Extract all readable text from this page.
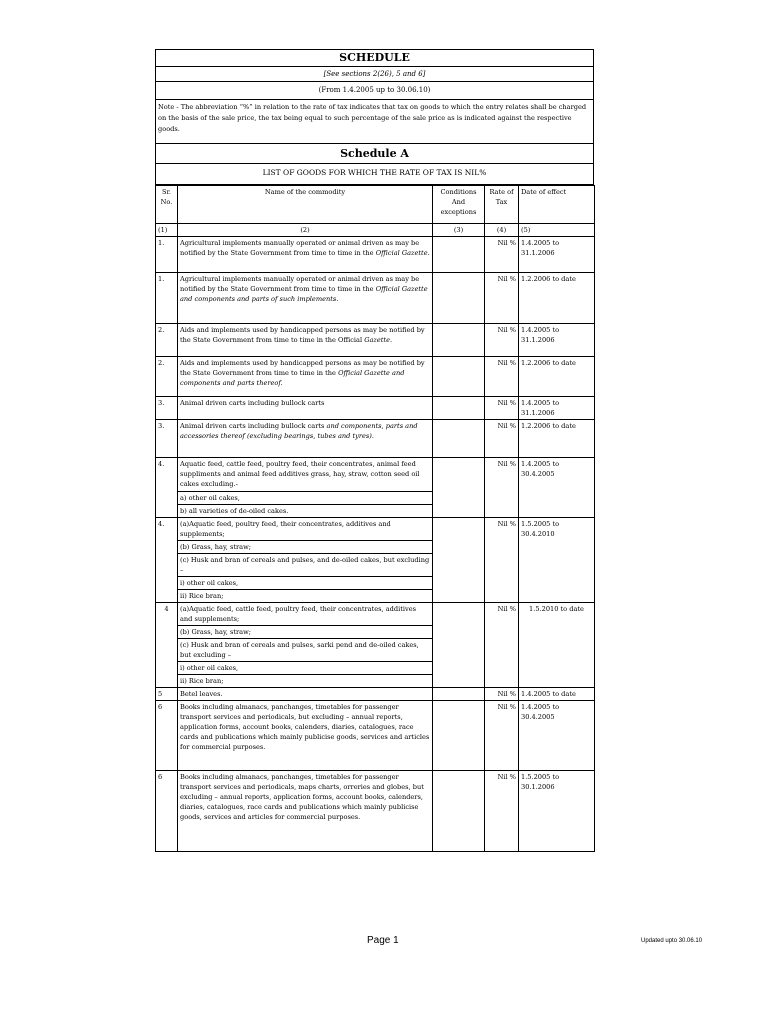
SCHEDULE
[See sections 2(26), 5 and 6]
(From 1.4.2005 up to 30.06.10)
Note - The abbreviation “%” in relation to the rate of tax indicates that tax on goods to which the entry relates shall be charged on the basis of the sale price, the tax being equal to such percentage of the sale price as is indicated against the respective goods.
Schedule A
LIST OF GOODS FOR WHICH THE RATE OF TAX IS NIL%
Sr. No.	Name of the commodity	Conditions And exceptions	Rate of Tax	Date of effect
(1)	(2)	(3)	(4)	(5)
1.	Agricultural implements manually operated or animal driven as may be notified by the State Government from time to time in the Official Gazette.		Nil %	1.4.2005 to 31.1.2006
1.	Agricultural implements manually operated or animal driven as may be notified by the State Government from time to time in the Official Gazette and components and parts of such implements.		Nil %	1.2.2006 to date
2.	Aids and implements used by handicapped persons as may be notified by the State Government from time to time in the Official Gazette.		Nil %	1.4.2005 to 31.1.2006
2.	Aids and implements used by handicapped persons as may be notified by the State Government from time to time in the Official Gazette and components and parts thereof.		Nil %	1.2.2006 to date
3.	Animal driven carts including bullock carts		Nil %	1.4.2005 to 31.1.2006
3.	Animal driven carts including bullock carts and components, parts and accessories thereof (excluding bearings, tubes and tyres).		Nil %	1.2.2006 to date
4.	Aquatic feed, cattle feed, poultry feed, their concentrates, animal feed suppliments and animal feed additives grass, hay, straw, cotton seed oil cakes excluding.-		Nil %	1.4.2005 to 30.4.2005
	a) other oil cakes,			
	b) all varieties of de-oiled cakes.			
4.	(a)Aquatic feed, poultry feed, their concentrates, additives and supplements;		Nil %	1.5.2005 to 30.4.2010
	(b) Grass, hay, straw;			
	(c) Husk and bran of cereals and pulses, and de-oiled cakes, but excluding –			
	i) other oil cakes,			
	ii) Rice bran;			
4	(a)Aquatic feed, cattle feed, poultry feed, their concentrates, additives and supplements;		Nil %	1.5.2010 to date
	(b) Grass, hay, straw;			
	(c) Husk and bran of cereals and pulses, sarki pend and de-oiled cakes, but excluding –			
	i) other oil cakes,			
	ii) Rice bran;			
5	Betel leaves.		Nil %	1.4.2005 to date
6	Books including almanacs, panchanges, timetables for passenger transport services and periodicals, but excluding – annual reports, application forms, account books, calenders, diaries, catalogues, race cards and publications which mainly publicise goods, services and articles for commercial purposes.		Nil %	1.4.2005 to 30.4.2005
6	Books including almanacs, panchanges, timetables for passenger transport services and periodicals, maps charts, orreries and globes, but excluding – annual reports, application forms, account books, calenders, diaries, catalogues, race cards and publications which mainly publicise goods, services and articles for commercial purposes.		Nil %	1.5.2005 to 30.1.2006
Page 1	Updated upto 30.06.10
